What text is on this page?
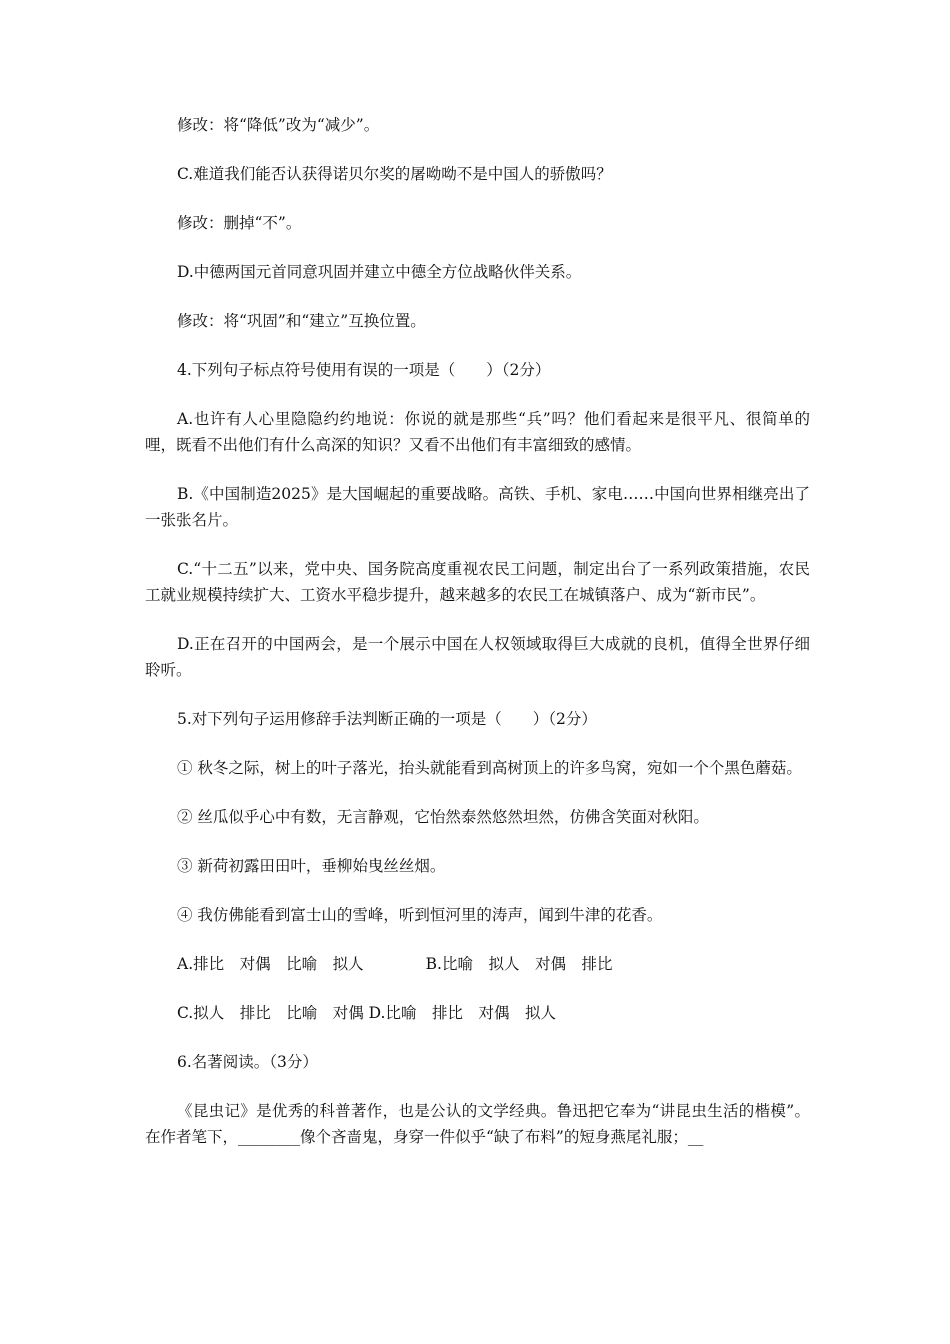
修改：将“降低”改为“减少”。

C.难道我们能否认获得诺贝尔奖的屠呦呦不是中国人的骄傲吗？

修改：删掉“不”。

D.中德两国元首同意巩固并建立中德全方位战略伙伴关系。

修改：将“巩固”和“建立”互换位置。

4.下列句子标点符号使用有误的一项是（　　）（2分）

A.也许有人心里隐隐约约地说：你说的就是那些“兵”吗？他们看起来是很平凡、很简单的哩，既看不出他们有什么高深的知识？又看不出他们有丰富细致的感情。

B.《中国制造2025》是大国崛起的重要战略。高铁、手机、家电……中国向世界相继亮出了一张张名片。

C.“十二五”以来，党中央、国务院高度重视农民工问题，制定出台了一系列政策措施，农民工就业规模持续扩大、工资水平稳步提升，越来越多的农民工在城镇落户、成为“新市民”。

D.正在召开的中国两会，是一个展示中国在人权领域取得巨大成就的良机，值得全世界仔细聆听。

5.对下列句子运用修辞手法判断正确的一项是（　　）（2分）

① 秋冬之际，树上的叶子落光，抬头就能看到高树顶上的许多鸟窝，宛如一个个黑色蘑菇。

② 丝瓜似乎心中有数，无言静观，它怡然泰然悠然坦然，仿佛含笑面对秋阳。

③ 新荷初露田田叶，垂柳始曳丝丝烟。

④ 我仿佛能看到富士山的雪峰，听到恒河里的涛声，闻到牛津的花香。

A.排比　对偶　比喻　拟人　　　　B.比喻　拟人　对偶　排比

C.拟人　排比　比喻　对偶 D.比喻　排比　对偶　拟人

6.名著阅读。（3分）

《昆虫记》是优秀的科普著作，也是公认的文学经典。鲁迅把它奉为“讲昆虫生活的楷模”。在作者笔下，________像个吝啬鬼，身穿一件似乎“缺了布料”的短身燕尾礼服；__
